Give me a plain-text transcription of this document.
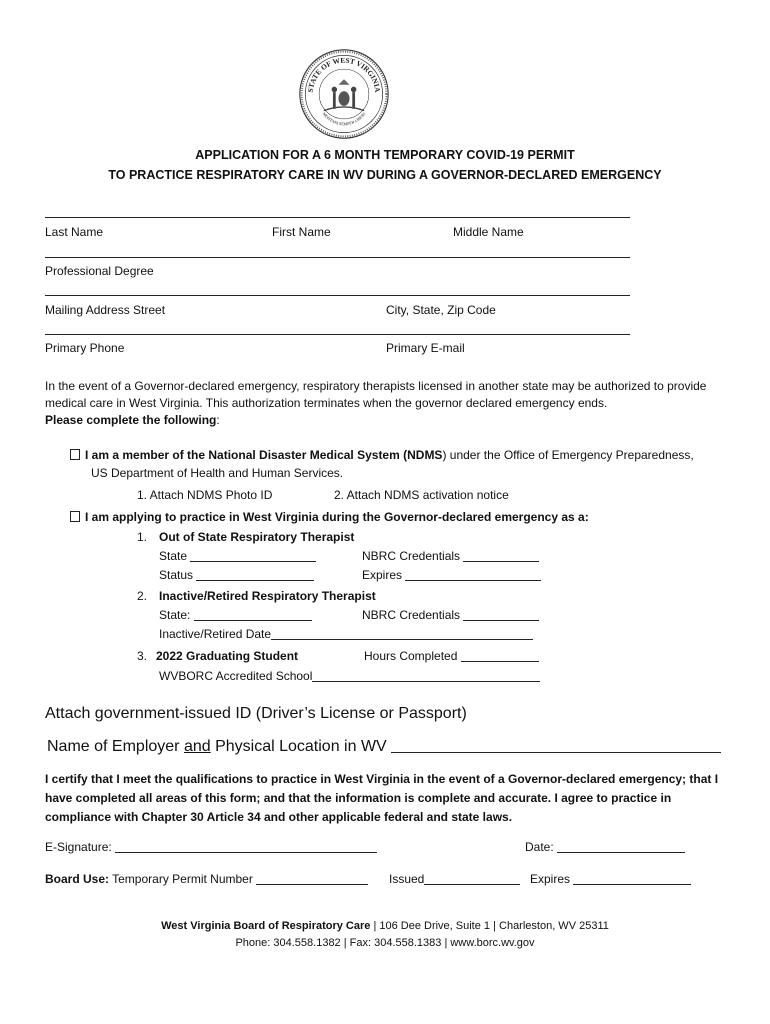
STATE OF WEST VIRGINIA
MONTANI SEMPER LIBERI
APPLICATION FOR A 6 MONTH TEMPORARY COVID-19 PERMIT
TO PRACTICE RESPIRATORY CARE IN WV DURING A GOVERNOR-DECLARED EMERGENCY
Last Name	First Name	Middle Name
Professional Degree
Mailing Address Street	City, State, Zip Code
Primary Phone	Primary E-mail
In the event of a Governor-declared emergency, respiratory therapists licensed in another state may be authorized to provide medical care in West Virginia. This authorization terminates when the governor declared emergency ends.
Please complete the following:
I am a member of the National Disaster Medical System (NDMS) under the Office of Emergency Preparedness,
US Department of Health and Human Services.
1. Attach NDMS Photo ID	2. Attach NDMS activation notice
I am applying to practice in West Virginia during the Governor-declared emergency as a:
1. Out of State Respiratory Therapist
State	NBRC Credentials
Status	Expires
2. Inactive/Retired Respiratory Therapist
State:	NBRC Credentials
Inactive/Retired Date
3. 2022 Graduating Student	Hours Completed
WVBORC Accredited School
Attach government-issued ID (Driver’s License or Passport)
Name of Employer and Physical Location in WV
I certify that I meet the qualifications to practice in West Virginia in the event of a Governor-declared emergency; that I have completed all areas of this form; and that the information is complete and accurate. I agree to practice in compliance with Chapter 30 Article 34 and other applicable federal and state laws.
E-Signature:	Date:
Board Use: Temporary Permit Number	Issued	Expires
West Virginia Board of Respiratory Care | 106 Dee Drive, Suite 1 | Charleston, WV 25311
Phone: 304.558.1382 | Fax: 304.558.1383 | www.borc.wv.gov
